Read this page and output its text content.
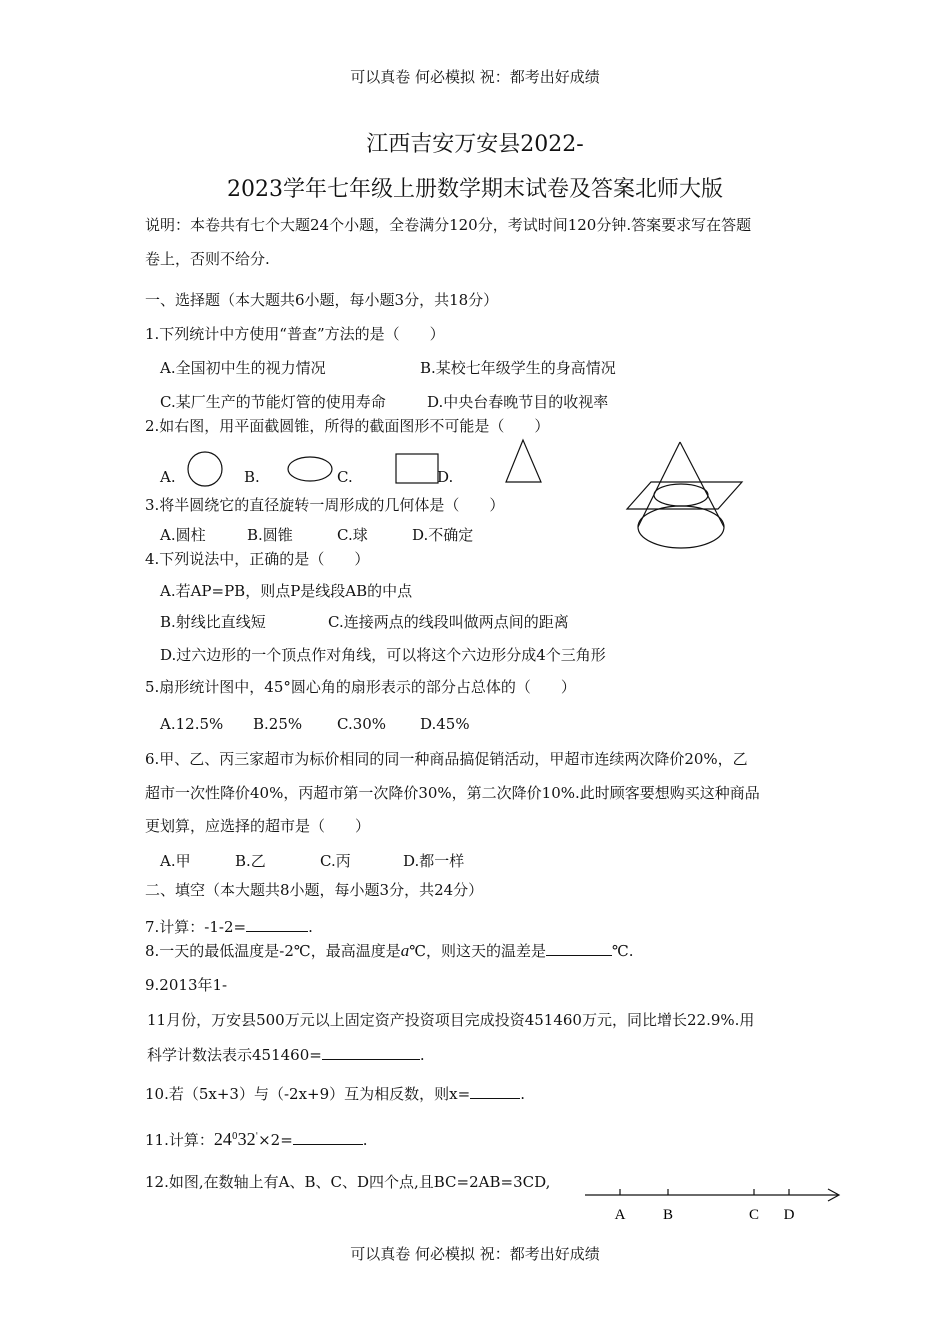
可以真卷 何必模拟 祝：都考出好成绩
江西吉安万安县2022-
2023学年七年级上册数学期末试卷及答案北师大版
说明：本卷共有七个大题24个小题，全卷满分120分，考试时间120分钟.答案要求写在答题
卷上，否则不给分.
一、选择题（本大题共6小题，每小题3分，共18分）
1.下列统计中方使用“普查”方法的是（　　）
A.全国初中生的视力情况	B.某校七年级学生的身高情况
C.某厂生产的节能灯管的使用寿命	D.中央台春晚节目的收视率
2.如右图，用平面截圆锥，所得的截面图形不可能是（　　）
A.	B.	C.	D.
3.将半圆绕它的直径旋转一周形成的几何体是（　　）
A.圆柱	B.圆锥	C.球	D.不确定
4.下列说法中，正确的是（　　）
A.若AP=PB，则点P是线段AB的中点
B.射线比直线短	C.连接两点的线段叫做两点间的距离
D.过六边形的一个顶点作对角线，可以将这个六边形分成4个三角形
5.扇形统计图中，45°圆心角的扇形表示的部分占总体的（　　）
A.12.5% B.25% C.30% D.45%
6.甲、乙、丙三家超市为标价相同的同一种商品搞促销活动，甲超市连续两次降价20%，乙
超市一次性降价40%，丙超市第一次降价30%，第二次降价10%.此时顾客要想购买这种商品
更划算，应选择的超市是（　　）
A.甲	B.乙	C.丙	D.都一样
二、填空（本大题共8小题，每小题3分，共24分）
7.计算：-1-2=	.
8.一天的最低温度是-2℃，最高温度是a℃，则这天的温差是	℃.
9.2013年1-
11月份，万安县500万元以上固定资产投资项目完成投资451460万元，同比增长22.9%.用
科学计数法表示451460=	.
10.若（5x+3）与（-2x+9）互为相反数，则x=	.
11.计算：$24^032'\times 2=$	.
12.如图,在数轴上有A、B、C、D四个点,且BC=2AB=3CD,
A	B	C D
可以真卷 何必模拟 祝：都考出好成绩
